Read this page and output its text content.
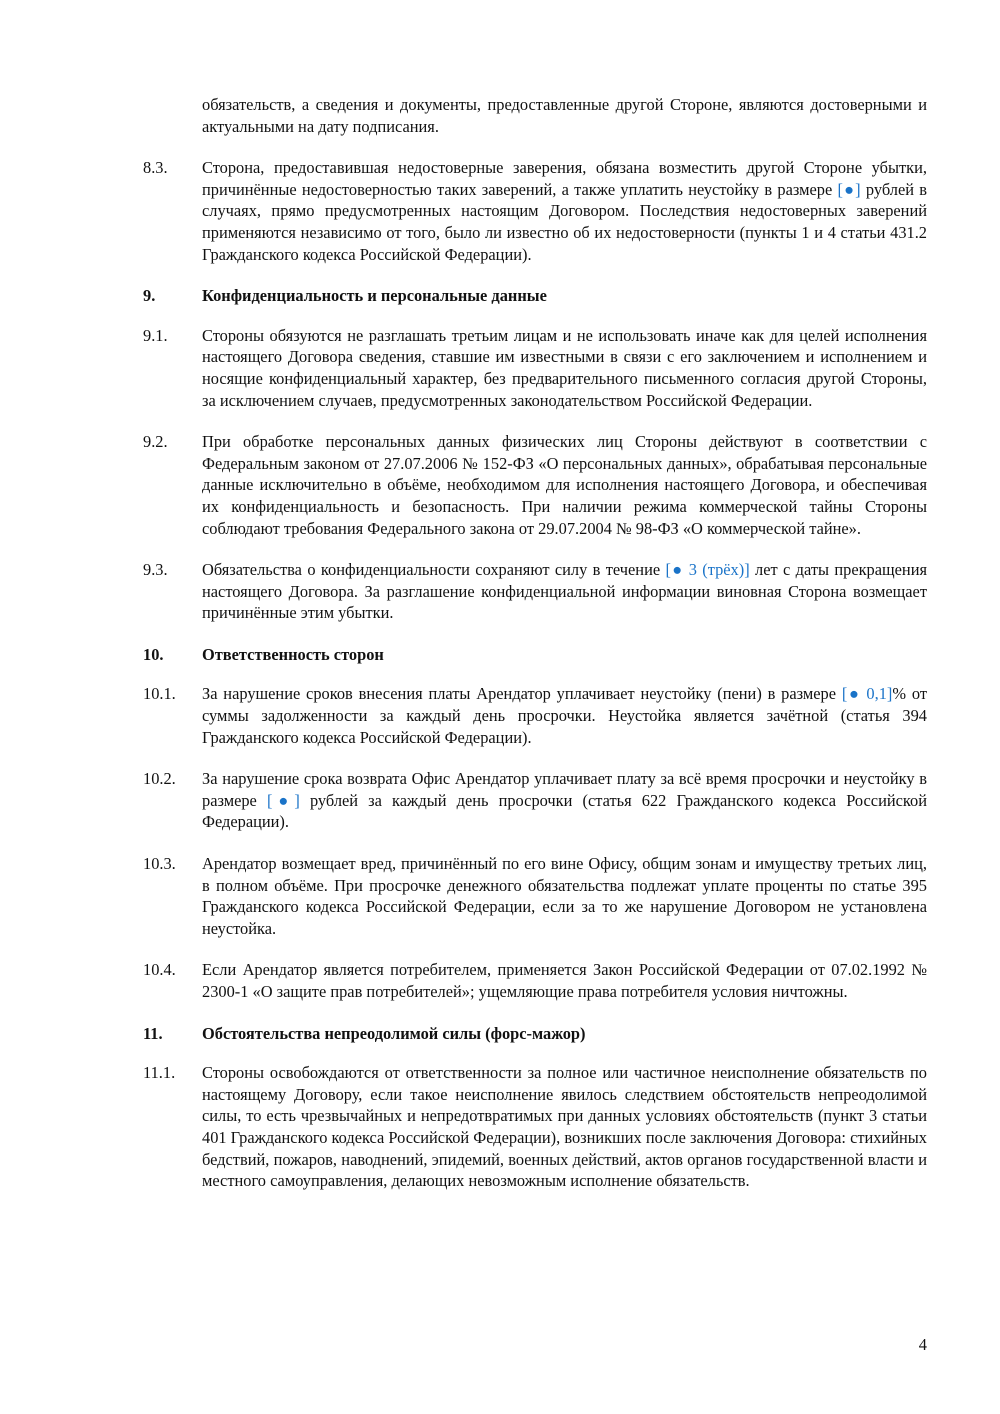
обязательств, а сведения и документы, предоставленные другой Стороне, являются достоверными и актуальными на дату подписания.
8.3.	Сторона, предоставившая недостоверные заверения, обязана возместить другой Стороне убытки, причинённые недостоверностью таких заверений, а также уплатить неустойку в размере [●] рублей в случаях, прямо предусмотренных настоящим Договором. Последствия недостоверных заверений применяются независимо от того, было ли известно об их недостоверности (пункты 1 и 4 статьи 431.2 Гражданского кодекса Российской Федерации).
9.	Конфиденциальность и персональные данные
9.1.	Стороны обязуются не разглашать третьим лицам и не использовать иначе как для целей исполнения настоящего Договора сведения, ставшие им известными в связи с его заключением и исполнением и носящие конфиденциальный характер, без предварительного письменного согласия другой Стороны, за исключением случаев, предусмотренных законодательством Российской Федерации.
9.2.	При обработке персональных данных физических лиц Стороны действуют в соответствии с Федеральным законом от 27.07.2006 № 152-ФЗ «О персональных данных», обрабатывая персональные данные исключительно в объёме, необходимом для исполнения настоящего Договора, и обеспечивая их конфиденциальность и безопасность. При наличии режима коммерческой тайны Стороны соблюдают требования Федерального закона от 29.07.2004 № 98-ФЗ «О коммерческой тайне».
9.3.	Обязательства о конфиденциальности сохраняют силу в течение [● 3 (трёх)] лет с даты прекращения настоящего Договора. За разглашение конфиденциальной информации виновная Сторона возмещает причинённые этим убытки.
10.	Ответственность сторон
10.1.	За нарушение сроков внесения платы Арендатор уплачивает неустойку (пени) в размере [● 0,1]% от суммы задолженности за каждый день просрочки. Неустойка является зачётной (статья 394 Гражданского кодекса Российской Федерации).
10.2.	За нарушение срока возврата Офис Арендатор уплачивает плату за всё время просрочки и неустойку в размере [●] рублей за каждый день просрочки (статья 622 Гражданского кодекса Российской Федерации).
10.3.	Арендатор возмещает вред, причинённый по его вине Офису, общим зонам и имуществу третьих лиц, в полном объёме. При просрочке денежного обязательства подлежат уплате проценты по статье 395 Гражданского кодекса Российской Федерации, если за то же нарушение Договором не установлена неустойка.
10.4.	Если Арендатор является потребителем, применяется Закон Российской Федерации от 07.02.1992 № 2300-1 «О защите прав потребителей»; ущемляющие права потребителя условия ничтожны.
11.	Обстоятельства непреодолимой силы (форс-мажор)
11.1.	Стороны освобождаются от ответственности за полное или частичное неисполнение обязательств по настоящему Договору, если такое неисполнение явилось следствием обстоятельств непреодолимой силы, то есть чрезвычайных и непредотвратимых при данных условиях обстоятельств (пункт 3 статьи 401 Гражданского кодекса Российской Федерации), возникших после заключения Договора: стихийных бедствий, пожаров, наводнений, эпидемий, военных действий, актов органов государственной власти и местного самоуправления, делающих невозможным исполнение обязательств.
4
